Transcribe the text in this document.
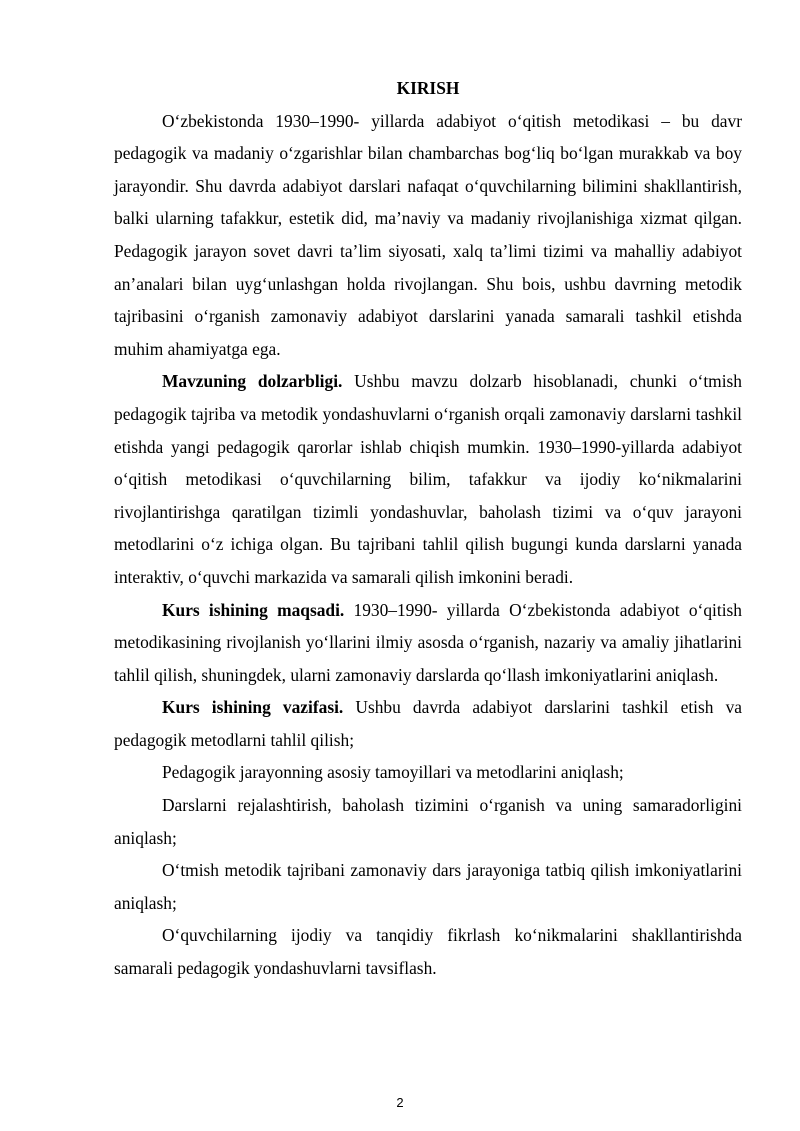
KIRISH

O‘zbekistonda 1930–1990- yillarda adabiyot o‘qitish metodikasi – bu davr pedagogik va madaniy o‘zgarishlar bilan chambarchas bog‘liq bo‘lgan murakkab va boy jarayondir. Shu davrda adabiyot darslari nafaqat o‘quvchilarning bilimini shakllantirish, balki ularning tafakkur, estetik did, ma’naviy va madaniy rivojlanishiga xizmat qilgan. Pedagogik jarayon sovet davri ta’lim siyosati, xalq ta’limi tizimi va mahalliy adabiyot an’analari bilan uyg‘unlashgan holda rivojlangan. Shu bois, ushbu davrning metodik tajribasini o‘rganish zamonaviy adabiyot darslarini yanada samarali tashkil etishda muhim ahamiyatga ega.

Mavzuning dolzarbligi. Ushbu mavzu dolzarb hisoblanadi, chunki o‘tmish pedagogik tajriba va metodik yondashuvlarni o‘rganish orqali zamonaviy darslarni tashkil etishda yangi pedagogik qarorlar ishlab chiqish mumkin. 1930–1990-yillarda adabiyot o‘qitish metodikasi o‘quvchilarning bilim, tafakkur va ijodiy ko‘nikmalarini rivojlantirishga qaratilgan tizimli yondashuvlar, baholash tizimi va o‘quv jarayoni metodlarini o‘z ichiga olgan. Bu tajribani tahlil qilish bugungi kunda darslarni yanada interaktiv, o‘quvchi markazida va samarali qilish imkonini beradi.

Kurs ishining maqsadi. 1930–1990- yillarda O‘zbekistonda adabiyot o‘qitish metodikasining rivojlanish yo‘llarini ilmiy asosda o‘rganish, nazariy va amaliy jihatlarini tahlil qilish, shuningdek, ularni zamonaviy darslarda qo‘llash imkoniyatlarini aniqlash.

Kurs ishining vazifasi. Ushbu davrda adabiyot darslarini tashkil etish va pedagogik metodlarni tahlil qilish;

Pedagogik jarayonning asosiy tamoyillari va metodlarini aniqlash;

Darslarni rejalashtirish, baholash tizimini o‘rganish va uning samaradorligini aniqlash;

O‘tmish metodik tajribani zamonaviy dars jarayoniga tatbiq qilish imkoniyatlarini aniqlash;

O‘quvchilarning ijodiy va tanqidiy fikrlash ko‘nikmalarini shakllantirishda samarali pedagogik yondashuvlarni tavsiflash.

2
